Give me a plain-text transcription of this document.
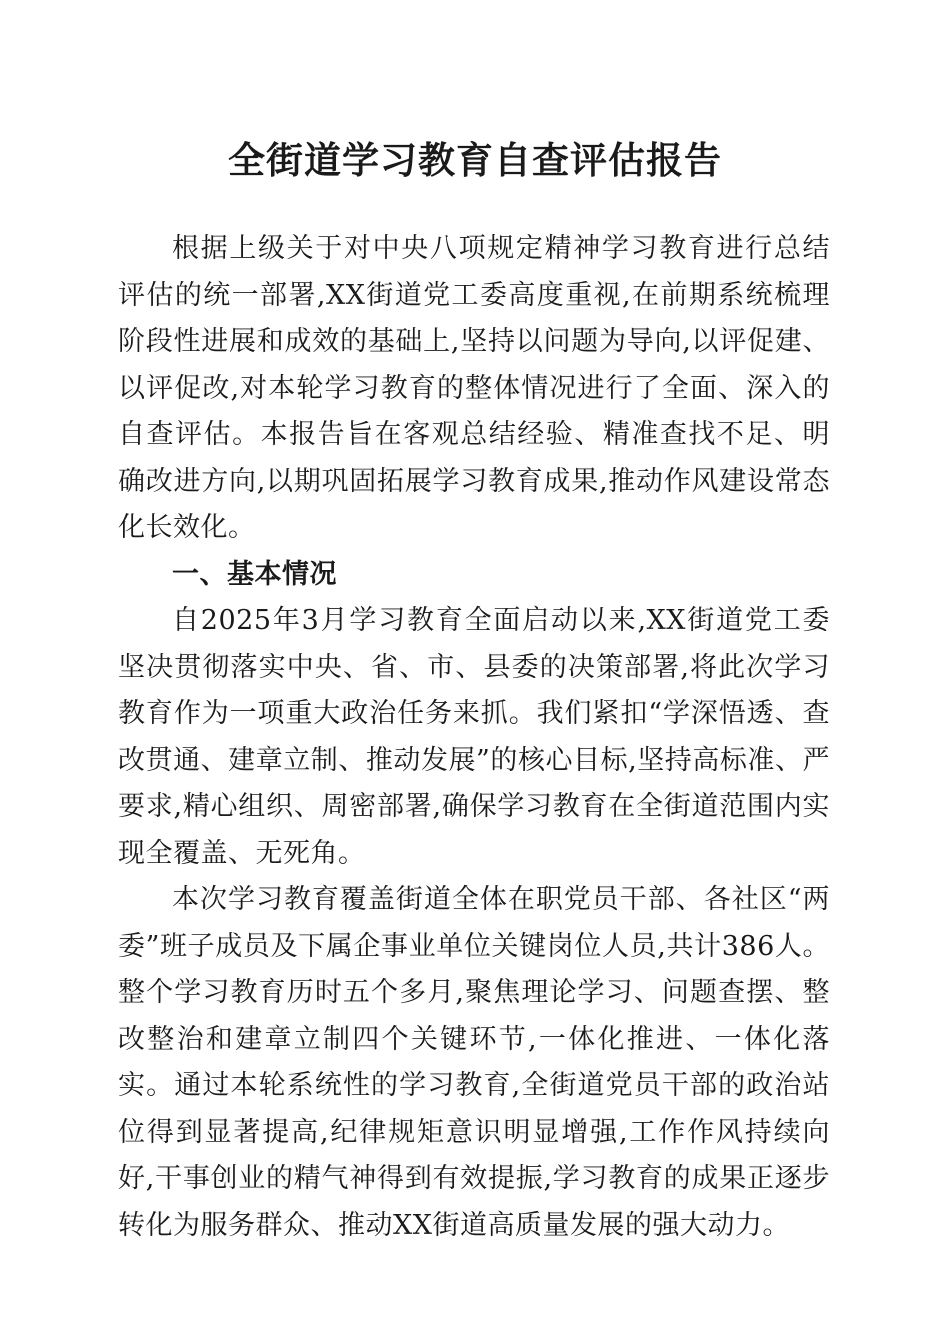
全街道学习教育自查评估报告

根据上级关于对中央八项规定精神学习教育进行总结评估的统一部署,XX街道党工委高度重视,在前期系统梳理阶段性进展和成效的基础上,坚持以问题为导向,以评促建、以评促改,对本轮学习教育的整体情况进行了全面、深入的自查评估。本报告旨在客观总结经验、精准查找不足、明确改进方向,以期巩固拓展学习教育成果,推动作风建设常态化长效化。

一、基本情况

自2025年3月学习教育全面启动以来,XX街道党工委坚决贯彻落实中央、省、市、县委的决策部署,将此次学习教育作为一项重大政治任务来抓。我们紧扣“学深悟透、查改贯通、建章立制、推动发展”的核心目标,坚持高标准、严要求,精心组织、周密部署,确保学习教育在全街道范围内实现全覆盖、无死角。

本次学习教育覆盖街道全体在职党员干部、各社区“两委”班子成员及下属企事业单位关键岗位人员,共计386人。整个学习教育历时五个多月,聚焦理论学习、问题查摆、整改整治和建章立制四个关键环节,一体化推进、一体化落实。通过本轮系统性的学习教育,全街道党员干部的政治站位得到显著提高,纪律规矩意识明显增强,工作作风持续向好,干事创业的精气神得到有效提振,学习教育的成果正逐步转化为服务群众、推动XX街道高质量发展的强大动力。
